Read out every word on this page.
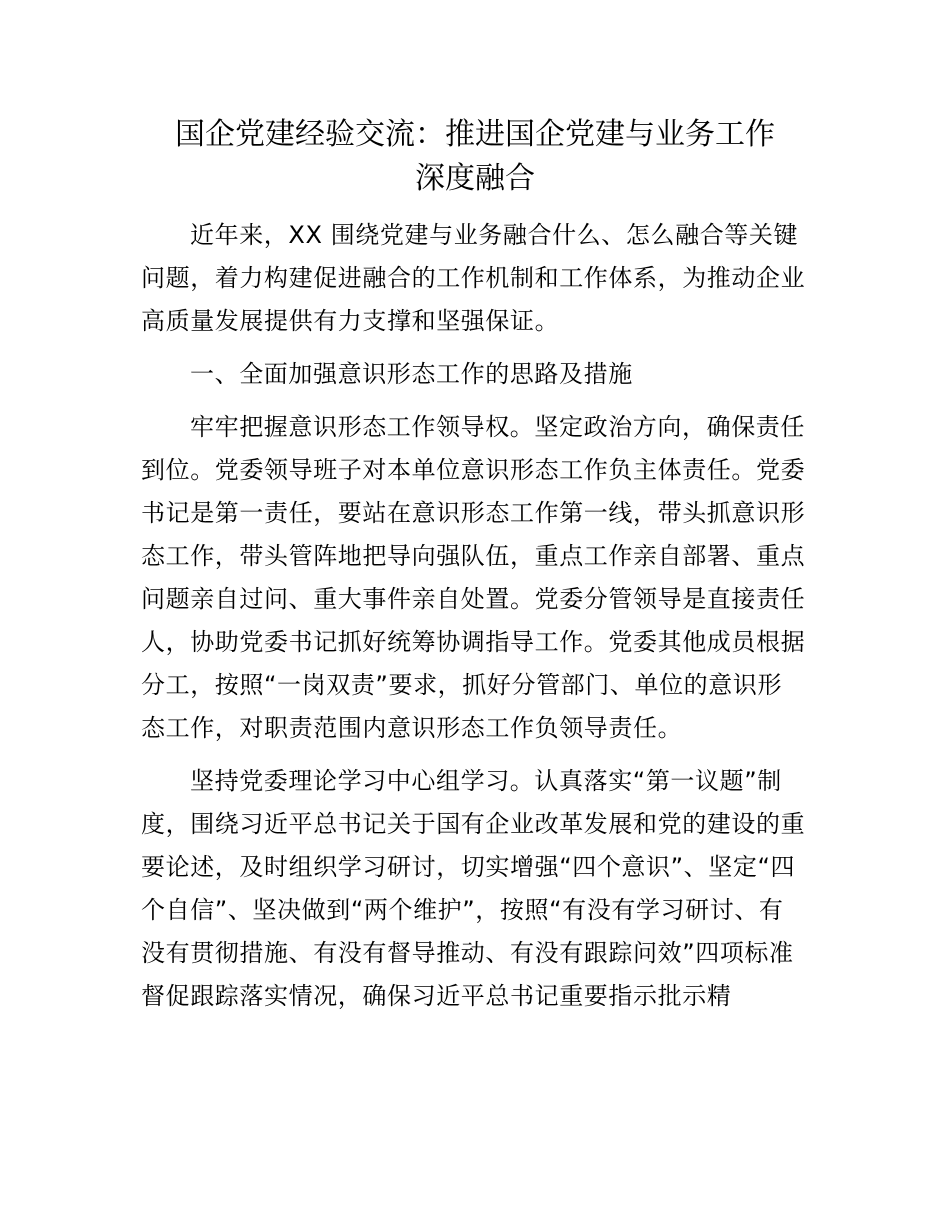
国企党建经验交流：推进国企党建与业务工作
深度融合
近年来，XX 围绕党建与业务融合什么、怎么融合等关键
问题，着力构建促进融合的工作机制和工作体系，为推动企业
高质量发展提供有力支撑和坚强保证。
一、全面加强意识形态工作的思路及措施
牢牢把握意识形态工作领导权。坚定政治方向，确保责任
到位。党委领导班子对本单位意识形态工作负主体责任。党委
书记是第一责任，要站在意识形态工作第一线，带头抓意识形
态工作，带头管阵地把导向强队伍，重点工作亲自部署、重点
问题亲自过问、重大事件亲自处置。党委分管领导是直接责任
人，协助党委书记抓好统筹协调指导工作。党委其他成员根据
分工，按照“一岗双责”要求，抓好分管部门、单位的意识形
态工作，对职责范围内意识形态工作负领导责任。
坚持党委理论学习中心组学习。认真落实“第一议题”制
度，围绕习近平总书记关于国有企业改革发展和党的建设的重
要论述，及时组织学习研讨，切实增强“四个意识”、坚定“四
个自信”、坚决做到“两个维护”，按照“有没有学习研讨、有
没有贯彻措施、有没有督导推动、有没有跟踪问效”四项标准
督促跟踪落实情况，确保习近平总书记重要指示批示精
